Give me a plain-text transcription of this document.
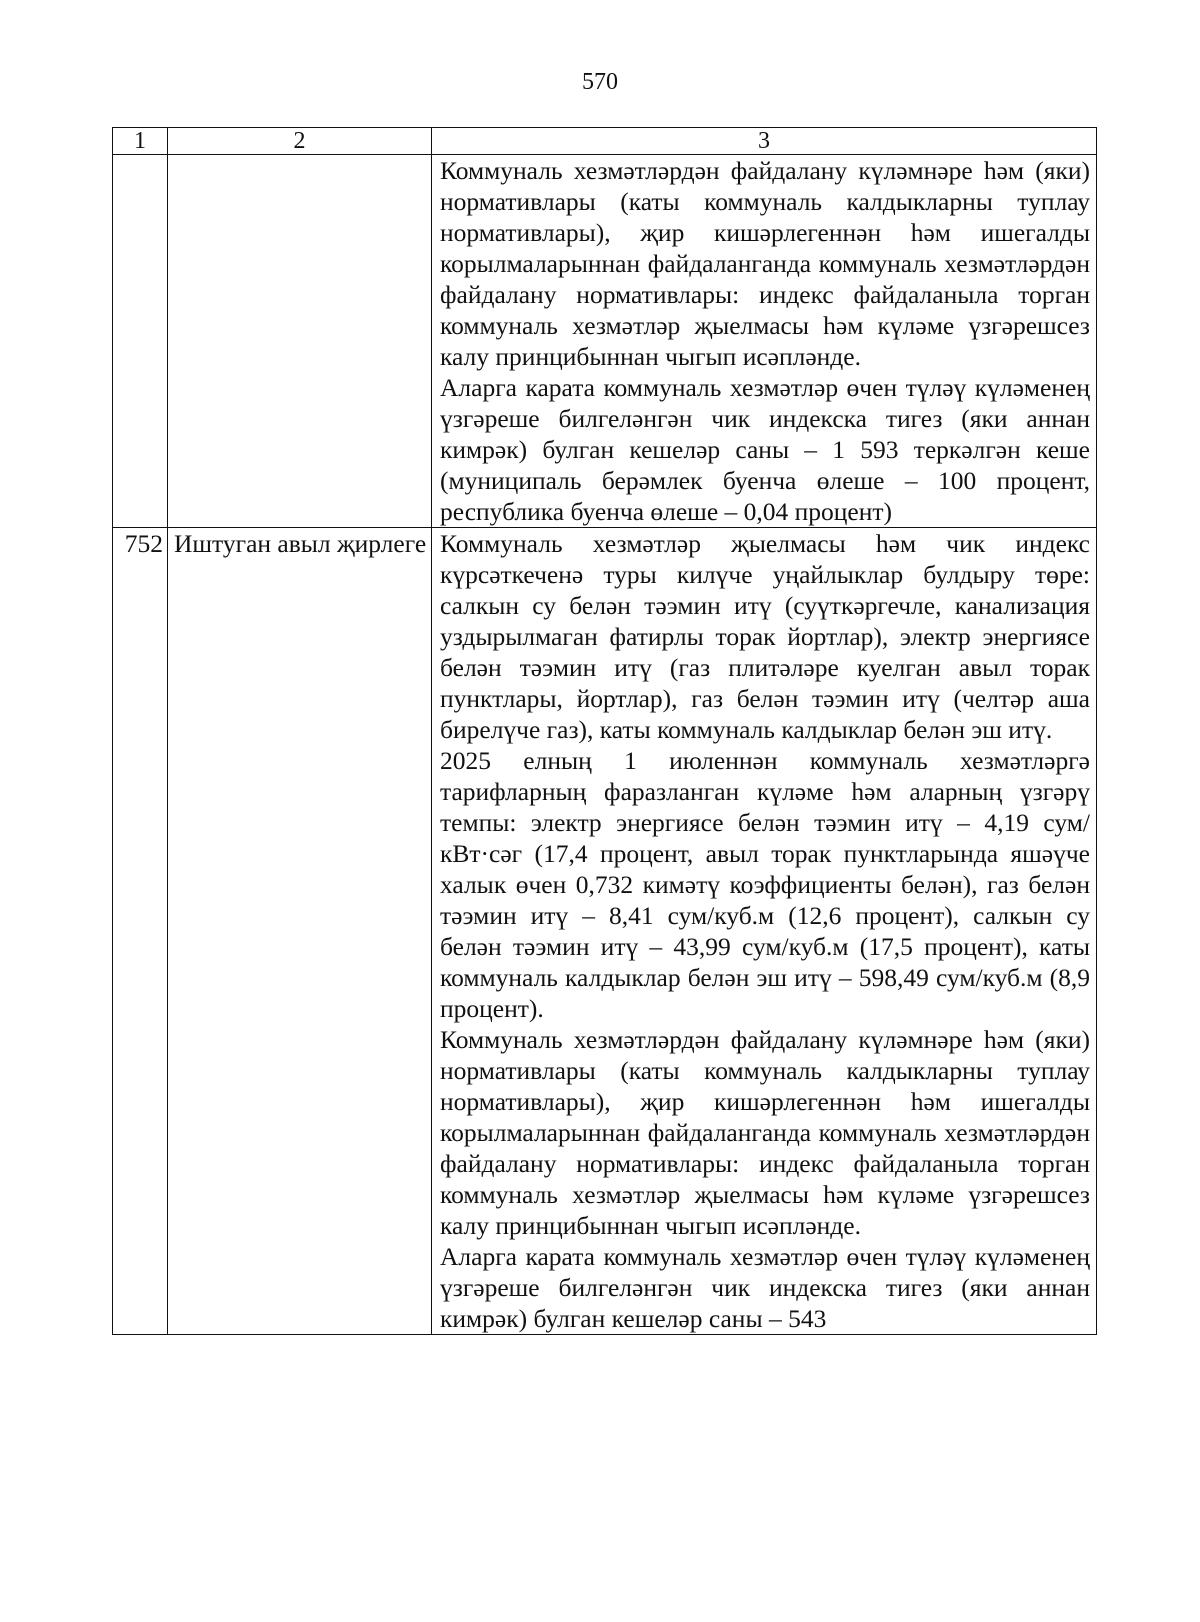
570
1	2	3

		Коммуналь хезмәтләрдән файдалану күләмнәре һәм (яки) нормативлары (каты коммуналь калдыкларны туплау нормативлары), җир кишәрлегеннән һәм ишегалды корылмаларыннан файдаланганда коммуналь хезмәтләрдән файдалану нормативлары: индекс файдаланыла торган коммуналь хезмәтләр җыелмасы һәм күләме үзгәрешсез калу принцибыннан чыгып исәпләнде.

Аларга карата коммуналь хезмәтләр өчен түләү күләменең үзгәреше билгеләнгән чик индекска тигез (яки аннан кимрәк) булган кешеләр саны – 1 593 теркәлгән кеше (муниципаль берәмлек буенча өлеше – 100 процент, республика буенча өлеше – 0,04 процент)

752	Иштуган авыл җирлеге	Коммуналь хезмәтләр җыелмасы һәм чик индекс күрсәткеченә туры килүче уңайлыклар булдыру төре: салкын су белән тәэмин итү (суүткәргечле, канализация уздырылмаган фатирлы торак йортлар), электр энергиясе белән тәэмин итү (газ плитәләре куелган авыл торак пунктлары, йортлар), газ белән тәэмин итү (челтәр аша бирелүче газ), каты коммуналь калдыклар белән эш итү.

2025 елның 1 июленнән коммуналь хезмәтләргә тарифларның фаразланган күләме һәм аларның үзгәрү темпы: электр энергиясе белән тәэмин итү – 4,19 сум/кВт·сәг (17,4 процент, авыл торак пунктларында яшәүче халык өчен 0,732 кимәтү коэффициенты белән), газ белән тәэмин итү – 8,41 сум/куб.м (12,6 процент), салкын су белән тәэмин итү – 43,99 сум/куб.м (17,5 процент), каты коммуналь калдыклар белән эш итү – 598,49 сум/куб.м (8,9 процент).

Коммуналь хезмәтләрдән файдалану күләмнәре һәм (яки) нормативлары (каты коммуналь калдыкларны туплау нормативлары), җир кишәрлегеннән һәм ишегалды корылмаларыннан файдаланганда коммуналь хезмәтләрдән файдалану нормативлары: индекс файдаланыла торган коммуналь хезмәтләр җыелмасы һәм күләме үзгәрешсез калу принцибыннан чыгып исәпләнде.

Аларга карата коммуналь хезмәтләр өчен түләү күләменең үзгәреше билгеләнгән чик индекска тигез (яки аннан кимрәк) булган кешеләр саны – 543
